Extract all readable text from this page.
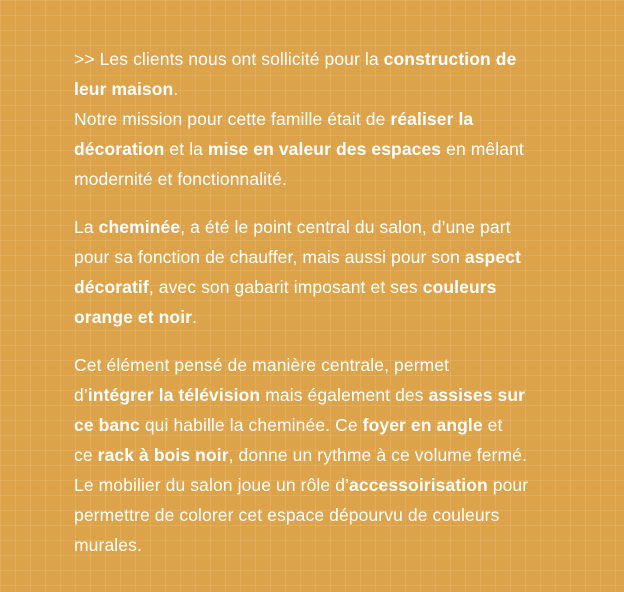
>> Les clients nous ont sollicité pour la construction de
leur maison.
Notre mission pour cette famille était de réaliser la
décoration et la mise en valeur des espaces en mêlant
modernité et fonctionnalité.

La cheminée, a été le point central du salon, d’une part
pour sa fonction de chauffer, mais aussi pour son aspect
décoratif, avec son gabarit imposant et ses couleurs
orange et noir.

Cet élément pensé de manière centrale, permet
d’intégrer la télévision mais également des assises sur
ce banc qui habille la cheminée. Ce foyer en angle et
ce rack à bois noir, donne un rythme à ce volume fermé.
Le mobilier du salon joue un rôle d’accessoirisation pour
permettre de colorer cet espace dépourvu de couleurs
murales.
